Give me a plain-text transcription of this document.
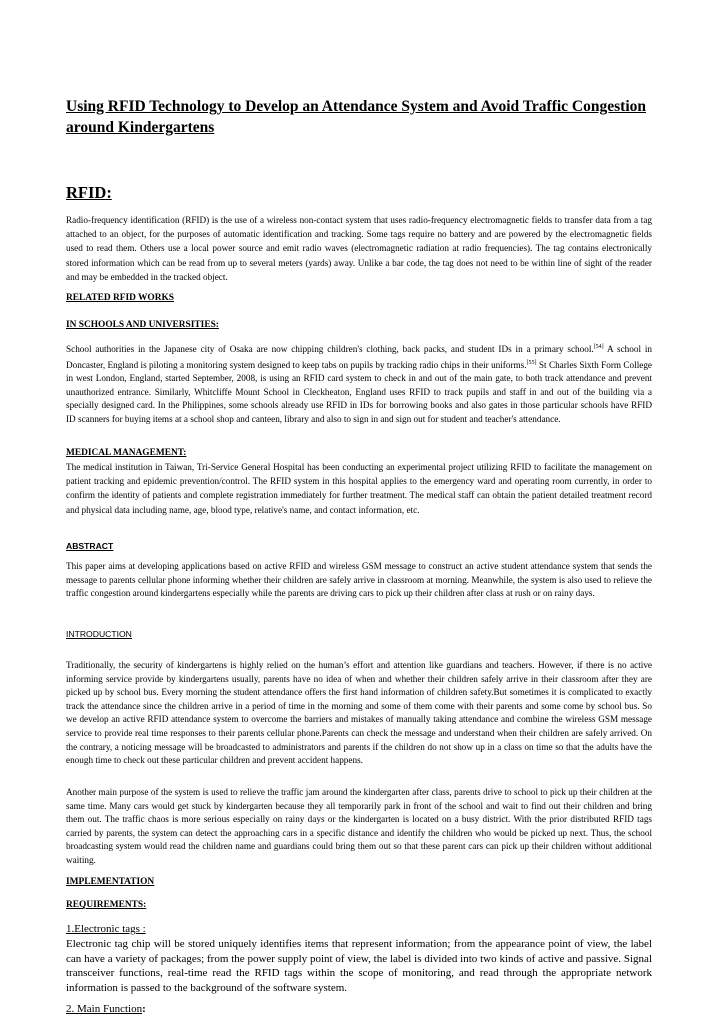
Using RFID Technology to Develop an Attendance System and Avoid Traffic Congestion around Kindergartens
RFID:

Radio-frequency identification (RFID) is the use of a wireless non-contact system that uses radio-frequency electromagnetic fields to transfer data from a tag attached to an object, for the purposes of automatic identification and tracking. Some tags require no battery and are powered by the electromagnetic fields used to read them. Others use a local power source and emit radio waves (electromagnetic radiation at radio frequencies). The tag contains electronically stored information which can be read from up to several meters (yards) away. Unlike a bar code, the tag does not need to be within line of sight of the reader and may be embedded in the tracked object.

RELATED RFID WORKS
IN SCHOOLS AND UNIVERSITIES:

School authorities in the Japanese city of Osaka are now chipping children's clothing, back packs, and student IDs in a primary school.[54] A school in Doncaster, England is piloting a monitoring system designed to keep tabs on pupils by tracking radio chips in their uniforms.[55] St Charles Sixth Form College in west London, England, started September, 2008, is using an RFID card system to check in and out of the main gate, to both track attendance and prevent unauthorized entrance. Similarly, Whitcliffe Mount School in Cleckheaton, England uses RFID to track pupils and staff in and out of the building via a specially designed card. In the Philippines, some schools already use RFID in IDs for borrowing books and also gates in those particular schools have RFID ID scanners for buying items at a school shop and canteen, library and also to sign in and sign out for student and teacher's attendance.

MEDICAL MANAGEMENT:

The medical institution in Taiwan, Tri-Service General Hospital has been conducting an experimental project utilizing RFID to facilitate the management on patient tracking and epidemic prevention/control. The RFID system in this hospital applies to the emergency ward and operating room currently, in order to confirm the identity of patients and complete registration immediately for further treatment. The medical staff can obtain the patient detailed treatment record and physical data including name, age, blood type, relative's name, and contact information, etc.

ABSTRACT

This paper aims at developing applications based on active RFID and wireless GSM message to construct an active student attendance system that sends the message to parents cellular phone informing whether their children are safely arrive in classroom at morning. Meanwhile, the system is also used to relieve the traffic congestion around kindergartens especially while the parents are driving cars to pick up their children after class at rush or on rainy days.

INTRODUCTION

Traditionally, the security of kindergartens is highly relied on the human’s effort and attention like guardians and teachers. However, if there is no active informing service provide by kindergartens usually, parents have no idea of when and whether their children safely arrive in their classroom after they are picked up by school bus. Every morning the student attendance offers the first hand information of children safety.But sometimes it is complicated to exactly track the attendance since the children arrive in a period of time in the morning and some of them come with their parents and some come by school bus. So we develop an active RFID attendance system to overcome the barriers and mistakes of manually taking attendance and combine the wireless GSM message service to provide real time responses to their parents cellular phone.Parents can check the message and understand when their children are safely arrived. On the contrary, a noticing message will be broadcasted to administrators and parents if the children do not show up in a class on time so that the adults have the enough time to check out these particular children and prevent accident happens.

Another main purpose of the system is used to relieve the traffic jam around the kindergarten after class, parents drive to school to pick up their children at the same time. Many cars would get stuck by kindergarten because they all temporarily park in front of the school and wait to find out their children and bring them out. The traffic chaos is more serious especially on rainy days or the kindergarten is located on a busy district. With the prior distributed RFID tags carried by parents, the system can detect the approaching cars in a specific distance and identify the children who would be picked up next. Thus, the school broadcasting system would read the children name and guardians could bring them out so that these parent cars can pick up their children without additional waiting.

IMPLEMENTATION
REQUIREMENTS:

1.Electronic tags :

Electronic tag chip will be stored uniquely identifies items that represent information; from the appearance point of view, the label can have a variety of packages; from the power supply point of view, the label is divided into two kinds of active and passive. Signal transceiver functions, real-time read the RFID tags within the scope of monitoring, and read through the appropriate network information is passed to the background of the software system.

2. Main Function:
